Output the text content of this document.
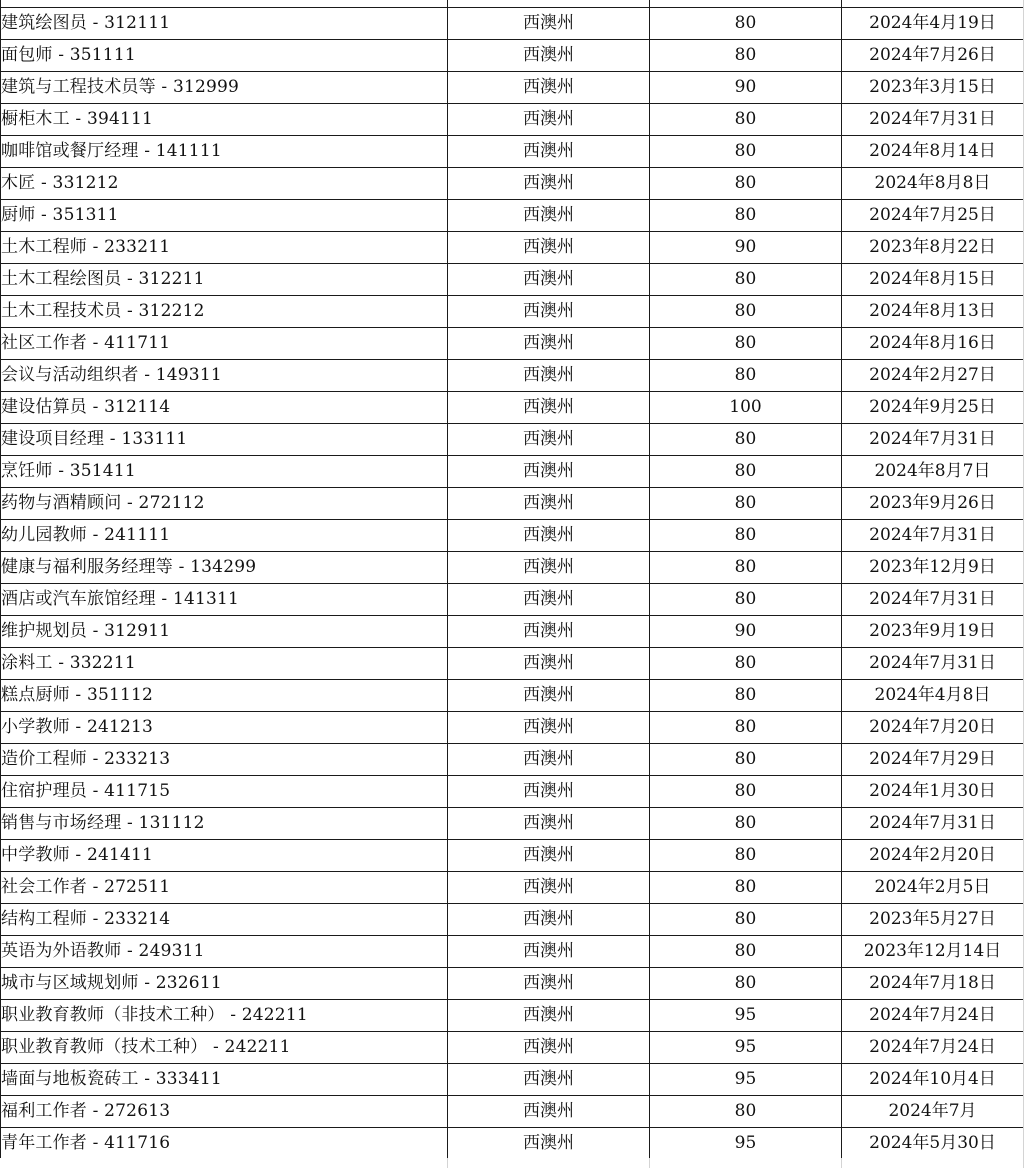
建筑绘图员 - 312111	西澳州	80	2024年4月19日
面包师 - 351111	西澳州	80	2024年7月26日
建筑与工程技术员等 - 312999	西澳州	90	2023年3月15日
橱柜木工 - 394111	西澳州	80	2024年7月31日
咖啡馆或餐厅经理 - 141111	西澳州	80	2024年8月14日
木匠 - 331212	西澳州	80	2024年8月8日
厨师 - 351311	西澳州	80	2024年7月25日
土木工程师 - 233211	西澳州	90	2023年8月22日
土木工程绘图员 - 312211	西澳州	80	2024年8月15日
土木工程技术员 - 312212	西澳州	80	2024年8月13日
社区工作者 - 411711	西澳州	80	2024年8月16日
会议与活动组织者 - 149311	西澳州	80	2024年2月27日
建设估算员 - 312114	西澳州	100	2024年9月25日
建设项目经理 - 133111	西澳州	80	2024年7月31日
烹饪师 - 351411	西澳州	80	2024年8月7日
药物与酒精顾问 - 272112	西澳州	80	2023年9月26日
幼儿园教师 - 241111	西澳州	80	2024年7月31日
健康与福利服务经理等 - 134299	西澳州	80	2023年12月9日
酒店或汽车旅馆经理 - 141311	西澳州	80	2024年7月31日
维护规划员 - 312911	西澳州	90	2023年9月19日
涂料工 - 332211	西澳州	80	2024年7月31日
糕点厨师 - 351112	西澳州	80	2024年4月8日
小学教师 - 241213	西澳州	80	2024年7月20日
造价工程师 - 233213	西澳州	80	2024年7月29日
住宿护理员 - 411715	西澳州	80	2024年1月30日
销售与市场经理 - 131112	西澳州	80	2024年7月31日
中学教师 - 241411	西澳州	80	2024年2月20日
社会工作者 - 272511	西澳州	80	2024年2月5日
结构工程师 - 233214	西澳州	80	2023年5月27日
英语为外语教师 - 249311	西澳州	80	2023年12月14日
城市与区域规划师 - 232611	西澳州	80	2024年7月18日
职业教育教师（非技术工种） - 242211	西澳州	95	2024年7月24日
职业教育教师（技术工种） - 242211	西澳州	95	2024年7月24日
墙面与地板瓷砖工 - 333411	西澳州	95	2024年10月4日
福利工作者 - 272613	西澳州	80	2024年7月
青年工作者 - 411716	西澳州	95	2024年5月30日
